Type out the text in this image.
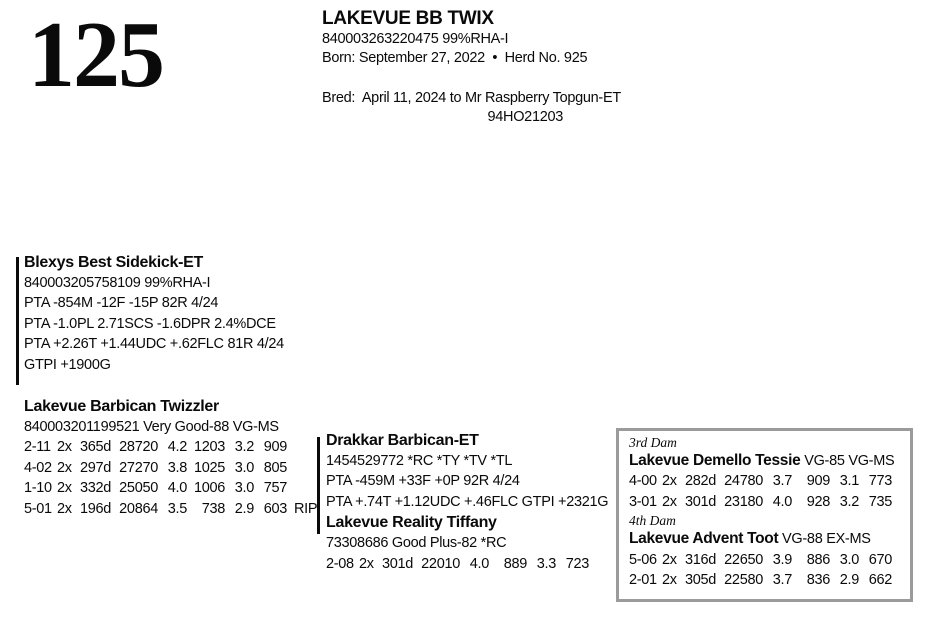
125	LAKEVUE BB TWIX
840003263220475 99%RHA-I
Born: September 27, 2022  •  Herd No. 925
Bred:  April 11, 2024 to Mr Raspberry Topgun-ET
94HO21203
Blexys Best Sidekick-ET
840003205758109 99%RHA-I
PTA -854M -12F -15P 82R 4/24
PTA -1.0PL 2.71SCS -1.6DPR 2.4%DCE
PTA +2.26T +1.44UDC +.62FLC 81R 4/24
GTPI +1900G
Lakevue Barbican Twizzler
840003201199521 Very Good-88 VG-MS
2-11 2x 365d 28720 4.2 1203 3.2 909
4-02 2x 297d 27270 3.8 1025 3.0 805
1-10 2x 332d 25050 4.0 1006 3.0 757
5-01 2x 196d 20864 3.5	738 2.9 603 RIP
Drakkar Barbican-ET
1454529772 *RC *TY *TV *TL
PTA -459M +33F +0P 92R 4/24
PTA +.74T +1.12UDC +.46FLC GTPI +2321G
Lakevue Reality Tiffany
73308686 Good Plus-82 *RC
2-08 2x 301d 22010 4.0	889 3.3 723
3rd Dam
Lakevue Demello Tessie VG-85 VG-MS
4-00 2x 282d 24780 3.7	909 3.1 773
3-01 2x 301d 23180 4.0	928 3.2 735
4th Dam
Lakevue Advent Toot VG-88 EX-MS
5-06 2x 316d 22650 3.9	886 3.0 670
2-01 2x 305d 22580 3.7	836 2.9 662
